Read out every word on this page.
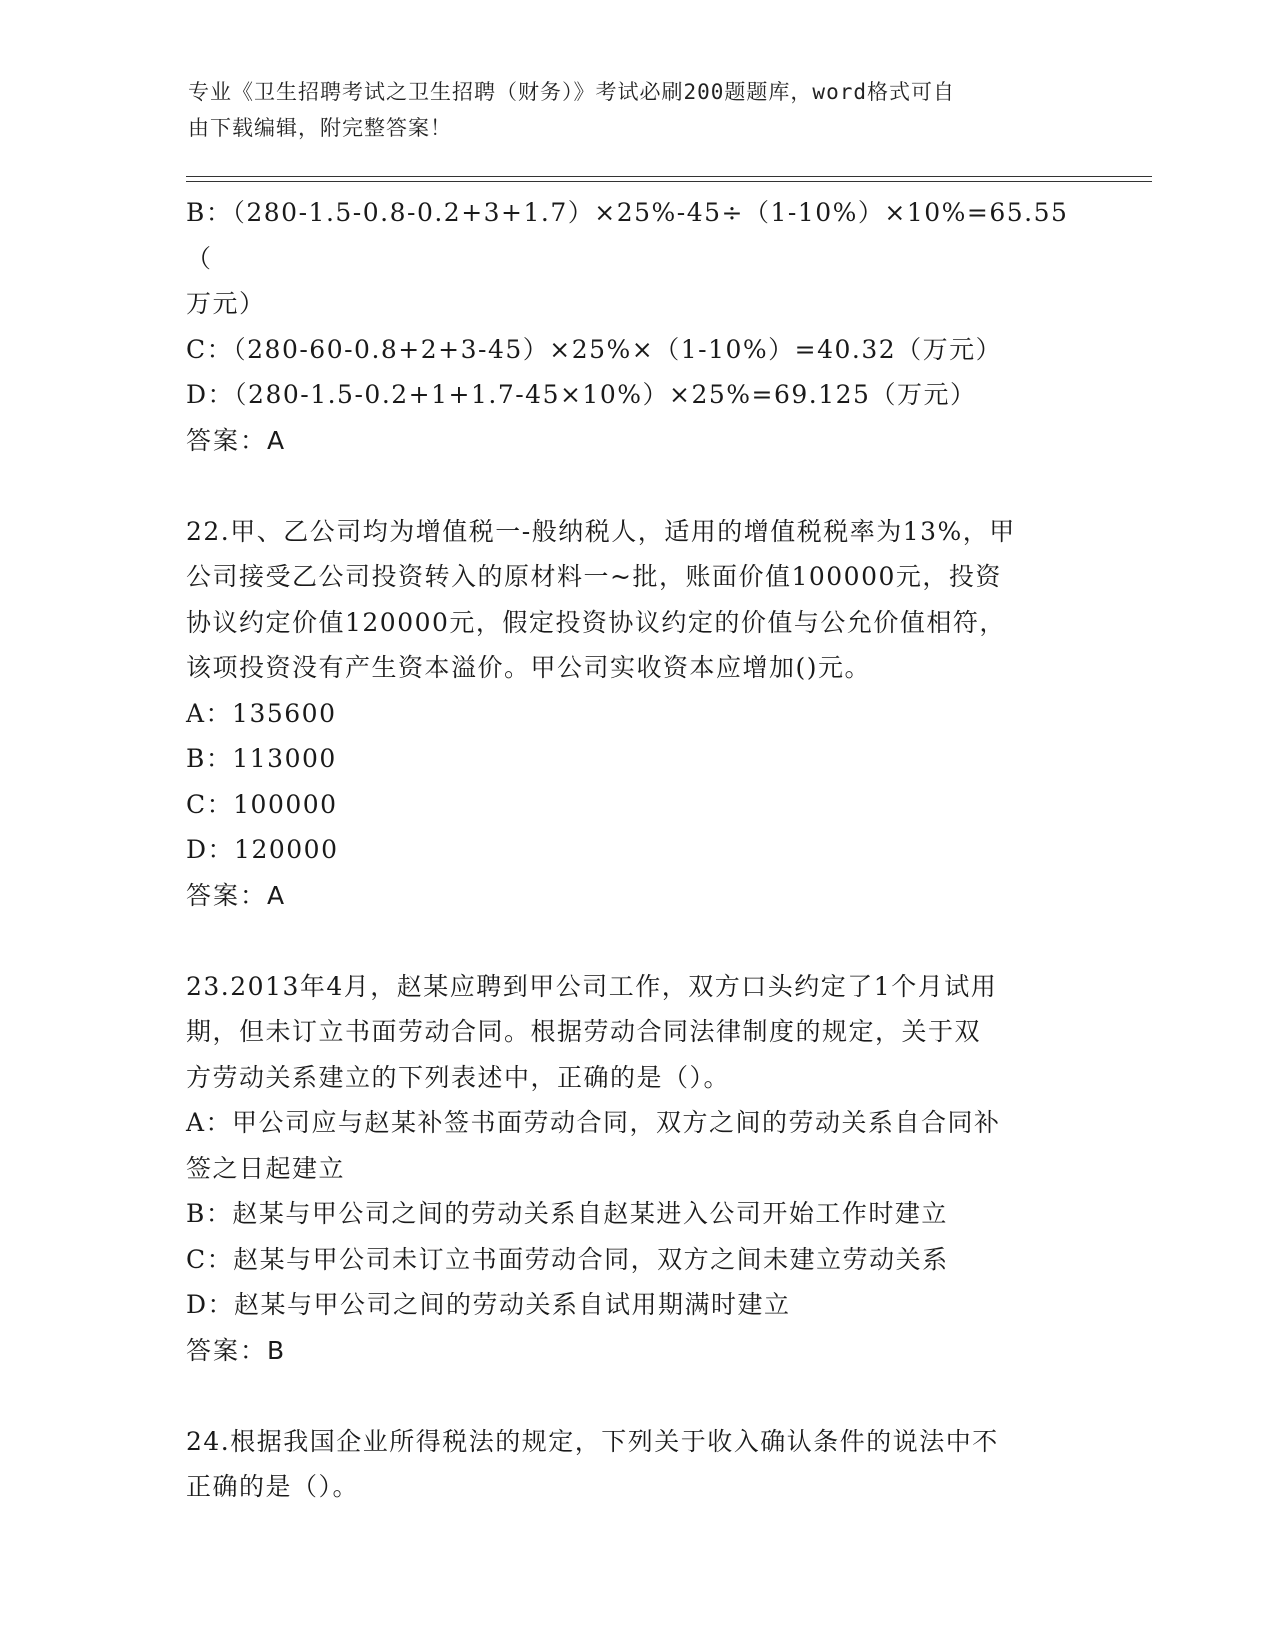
专业《卫生招聘考试之卫生招聘（财务）》考试必刷200题题库，word格式可自
由下载编辑，附完整答案！

B：（280-1.5-0.8-0.2+3+1.7）×25%-45÷（1-10%）×10%=65.55（

万元）

C：（280-60-0.8+2+3-45）×25%×（1-10%）=40.32（万元）

D：（280-1.5-0.2+1+1.7-45×10%）×25%=69.125（万元）

答案：A

22.甲、乙公司均为增值税一-般纳税人，适用的增值税税率为13%，甲

公司接受乙公司投资转入的原材料一~批，账面价值100000元，投资

协议约定价值120000元，假定投资协议约定的价值与公允价值相符，

该项投资没有产生资本溢价。甲公司实收资本应增加()元。

A：135600

B：113000

C：100000

D：120000

答案：A

23.2013年4月，赵某应聘到甲公司工作，双方口头约定了1个月试用

期，但未订立书面劳动合同。根据劳动合同法律制度的规定，关于双

方劳动关系建立的下列表述中，正确的是（）。

A：甲公司应与赵某补签书面劳动合同，双方之间的劳动关系自合同补

签之日起建立

B：赵某与甲公司之间的劳动关系自赵某进入公司开始工作时建立

C：赵某与甲公司未订立书面劳动合同，双方之间未建立劳动关系

D：赵某与甲公司之间的劳动关系自试用期满时建立

答案：B

24.根据我国企业所得税法的规定，下列关于收入确认条件的说法中不

正确的是（）。
